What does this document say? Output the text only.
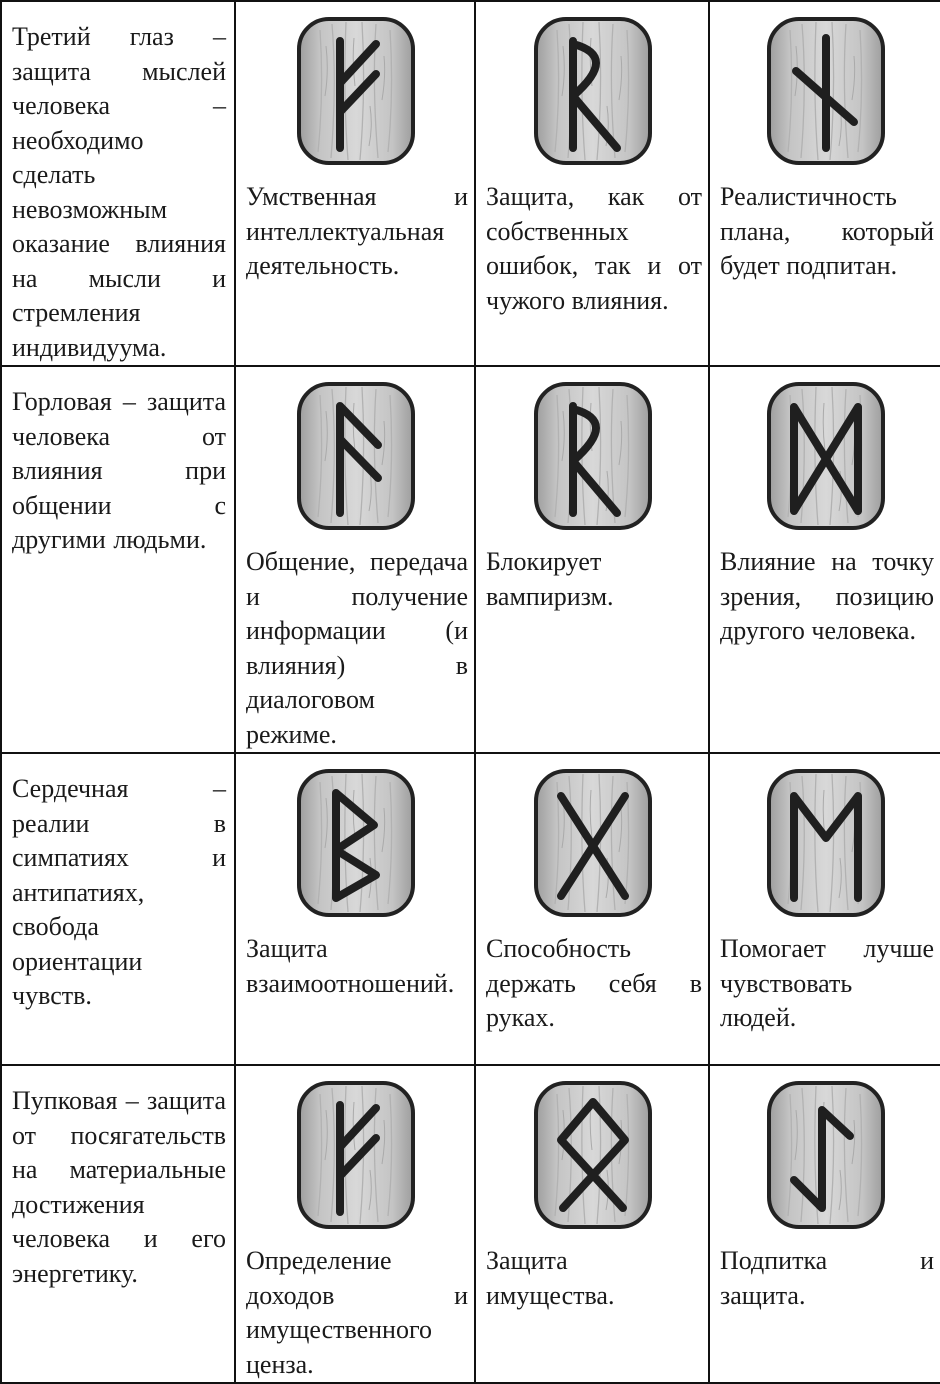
Третий глаз – защита мыслей человека – необходимо сделать невозможным оказание влияния на мысли и стремления индивидуума.	Умственная и интеллектуальная деятельность.	Защита, как от собственных ошибок, так и от чужого влияния.	Реалистичность плана, который будет подпитан.

Горловая – защита человека от влияния при общении с другими людьми.	Общение, передача и получение информации (и влияния) в диалоговом режиме.	Блокирует вампиризм.	Влияние на точку зрения, позицию другого человека.

Сердечная – реалии в симпатиях и антипатиях, свобода ориентации чувств.	Защита взаимоотношений.	Способность держать себя в руках.	Помогает лучше чувствовать людей.

Пупковая – защита от посягательств на материальные достижения человека и его энергетику.	Определение доходов и имущественного ценза.	Защита имущества.	Подпитка и защита.
